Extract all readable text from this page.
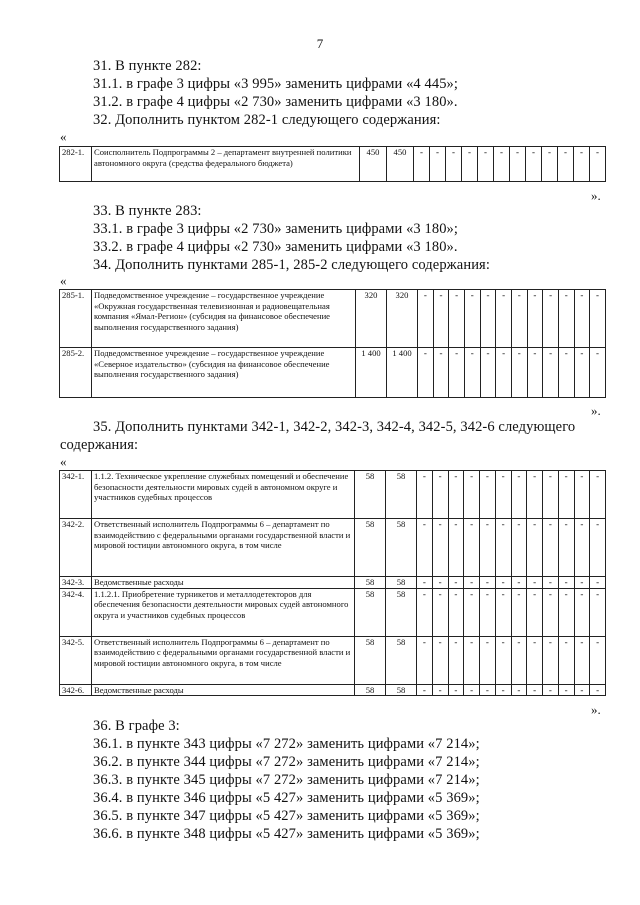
7
31. В пункте 282:
31.1. в графе 3 цифры «3 995» заменить цифрами «4 445»;
31.2. в графе 4 цифры «2 730» заменить цифрами «3 180».
32. Дополнить пунктом 282-1 следующего содержания:
«
282-1.	Соисполнитель Подпрограммы 2 – департамент внутренней политики автономного округа (средства федерального бюджета)	450	450	-	-	-	-	-	-	-	-	-	-	-	-
».
33. В пункте 283:
33.1. в графе 3 цифры «2 730» заменить цифрами «3 180»;
33.2. в графе 4 цифры «2 730» заменить цифрами «3 180».
34. Дополнить пунктами 285-1, 285-2 следующего содержания:
«
285-1.	Подведомственное учреждение – государственное учреждение «Окружная государственная телевизионная и радиовещательная компания «Ямал-Регион» (субсидия на финансовое обеспечение выполнения государственного задания)	320	320	-	-	-	-	-	-	-	-	-	-	-	-
285-2.	Подведомственное учреждение – государственное учреждение «Северное издательство» (субсидия на финансовое обеспечение выполнения государственного задания)	1 400	1 400	-	-	-	-	-	-	-	-	-	-	-	-
».
35. Дополнить пунктами 342-1, 342-2, 342-3, 342-4, 342-5, 342-6 следующего
содержания:
«
342-1.	1.1.2. Техническое укрепление служебных помещений и обеспечение безопасности деятельности мировых судей в автономном округе и участников судебных процессов	58	58	-	-	-	-	-	-	-	-	-	-	-	-
342-2.	Ответственный исполнитель Подпрограммы 6 – департамент по взаимодействию с федеральными органами государственной власти и мировой юстиции автономного округа, в том числе	58	58	-	-	-	-	-	-	-	-	-	-	-	-
342-3.	Ведомственные расходы	58	58	-	-	-	-	-	-	-	-	-	-	-	-
342-4.	1.1.2.1. Приобретение турникетов и металлодетекторов для обеспечения безопасности деятельности мировых судей автономного округа и участников судебных процессов	58	58	-	-	-	-	-	-	-	-	-	-	-	-
342-5.	Ответственный исполнитель Подпрограммы 6 – департамент по взаимодействию с федеральными органами государственной власти и мировой юстиции автономного округа, в том числе	58	58	-	-	-	-	-	-	-	-	-	-	-	-
342-6.	Ведомственные расходы	58	58	-	-	-	-	-	-	-	-	-	-	-	-
».
36. В графе 3:
36.1. в пункте 343 цифры «7 272» заменить цифрами «7 214»;
36.2. в пункте 344 цифры «7 272» заменить цифрами «7 214»;
36.3. в пункте 345 цифры «7 272» заменить цифрами «7 214»;
36.4. в пункте 346 цифры «5 427» заменить цифрами «5 369»;
36.5. в пункте 347 цифры «5 427» заменить цифрами «5 369»;
36.6. в пункте 348 цифры «5 427» заменить цифрами «5 369»;
